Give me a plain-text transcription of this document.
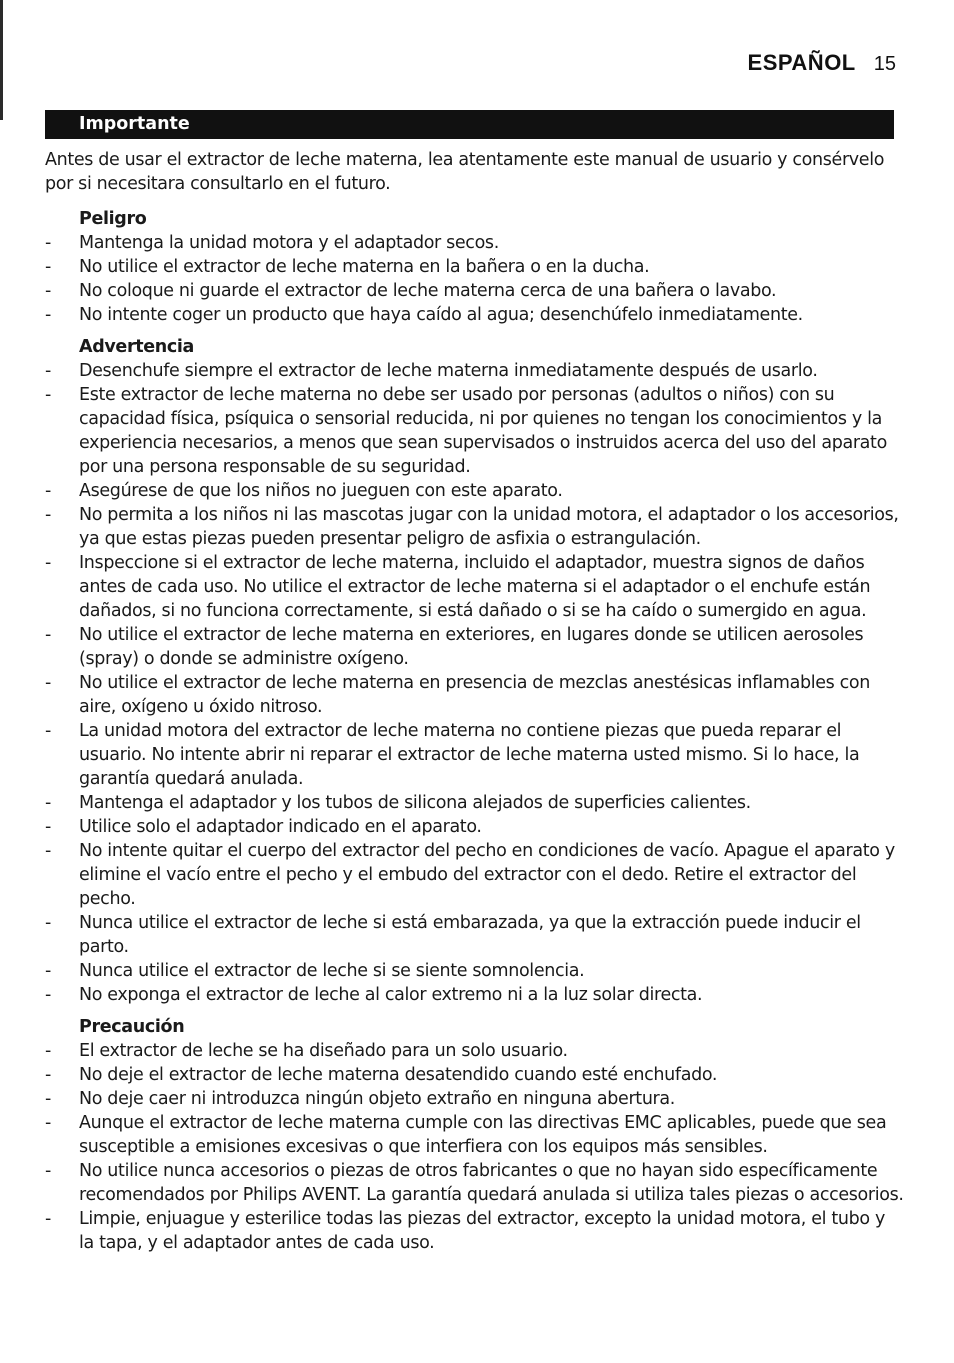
ESPAÑOL 15
Importante

Antes de usar el extractor de leche materna, lea atentamente este manual de usuario y consérvelo por si necesitara consultarlo en el futuro.

Peligro

- Mantenga la unidad motora y el adaptador secos.
- No utilice el extractor de leche materna en la bañera o en la ducha.
- No coloque ni guarde el extractor de leche materna cerca de una bañera o lavabo.
- No intente coger un producto que haya caído al agua; desenchúfelo inmediatamente.

Advertencia

- Desenchufe siempre el extractor de leche materna inmediatamente después de usarlo.
- Este extractor de leche materna no debe ser usado por personas (adultos o niños) con su capacidad física, psíquica o sensorial reducida, ni por quienes no tengan los conocimientos y la experiencia necesarios, a menos que sean supervisados o instruidos acerca del uso del aparato por una persona responsable de su seguridad.
- Asegúrese de que los niños no jueguen con este aparato.
- No permita a los niños ni las mascotas jugar con la unidad motora, el adaptador o los accesorios, ya que estas piezas pueden presentar peligro de asfixia o estrangulación.
- Inspeccione si el extractor de leche materna, incluido el adaptador, muestra signos de daños antes de cada uso. No utilice el extractor de leche materna si el adaptador o el enchufe están dañados, si no funciona correctamente, si está dañado o si se ha caído o sumergido en agua.
- No utilice el extractor de leche materna en exteriores, en lugares donde se utilicen aerosoles (spray) o donde se administre oxígeno.
- No utilice el extractor de leche materna en presencia de mezclas anestésicas inflamables con aire, oxígeno u óxido nitroso.
- La unidad motora del extractor de leche materna no contiene piezas que pueda reparar el usuario. No intente abrir ni reparar el extractor de leche materna usted mismo. Si lo hace, la garantía quedará anulada.
- Mantenga el adaptador y los tubos de silicona alejados de superficies calientes.
- Utilice solo el adaptador indicado en el aparato.
- No intente quitar el cuerpo del extractor del pecho en condiciones de vacío. Apague el aparato y elimine el vacío entre el pecho y el embudo del extractor con el dedo. Retire el extractor del pecho.
- Nunca utilice el extractor de leche si está embarazada, ya que la extracción puede inducir el parto.
- Nunca utilice el extractor de leche si se siente somnolencia.
- No exponga el extractor de leche al calor extremo ni a la luz solar directa.

Precaución

- El extractor de leche se ha diseñado para un solo usuario.
- No deje el extractor de leche materna desatendido cuando esté enchufado.
- No deje caer ni introduzca ningún objeto extraño en ninguna abertura.
- Aunque el extractor de leche materna cumple con las directivas EMC aplicables, puede que sea susceptible a emisiones excesivas o que interfiera con los equipos más sensibles.
- No utilice nunca accesorios o piezas de otros fabricantes o que no hayan sido específicamente recomendados por Philips AVENT. La garantía quedará anulada si utiliza tales piezas o accesorios.
- Limpie, enjuague y esterilice todas las piezas del extractor, excepto la unidad motora, el tubo y la tapa, y el adaptador antes de cada uso.
